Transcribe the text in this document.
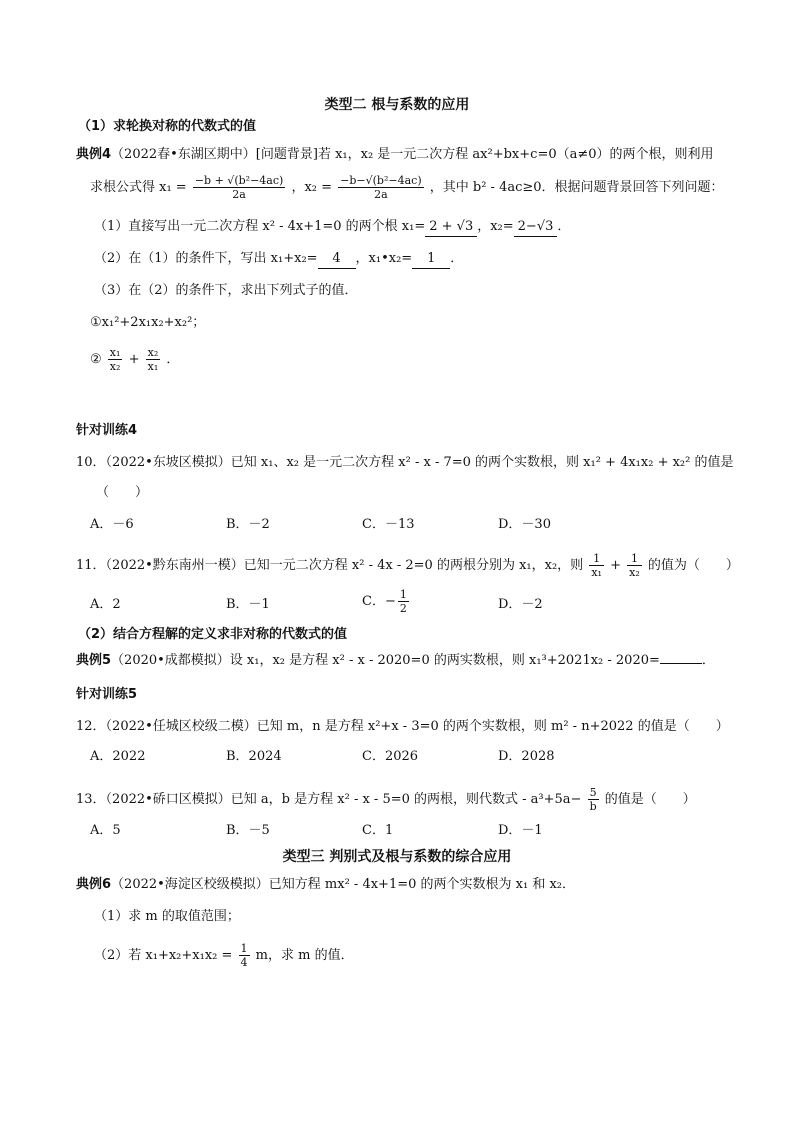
类型二 根与系数的应用
（1）求轮换对称的代数式的值
典例4（2022春•东湖区期中）[问题背景]若 x₁，x₂ 是一元二次方程 ax²+bx+c=0（a≠0）的两个根，则利用
求根公式得 $x_1 = \frac{\text{−b + √(b²−4ac)}}{2a}$ ，$x_2 = \frac{\text{−b−√(b²−4ac)}}{2a}$ ，其中 b² - 4ac≥0．根据问题背景回答下列问题：
（1）直接写出一元二次方程 x² - 4x+1=0 的两个根 x₁= 2 + √3 ，x₂= 2−√3 ．
（2）在（1）的条件下，写出 x₁+x₂= 4 ，x₁•x₂= 1 ．
（3）在（2）的条件下，求出下列式子的值．
①x₁²+2x₁x₂+x₂²；
② $\frac{\text{x₁}}{\text{x₂}} + \frac{\text{x₂}}{\text{x₁}}$ ．
针对训练4
10．（2022•东坡区模拟）已知 x₁、x₂ 是一元二次方程 x² - x - 7=0 的两个实数根，则 x₁² + 4x₁x₂ + x₂² 的值是
（　　）
A．－6	B．－2	C．－13	D．－30
11．（2022•黔东南州一模）已知一元二次方程 x² - 4x - 2=0 的两根分别为 x₁，x₂，则 $\frac{1}{\text{x₁}} + \frac{1}{\text{x₂}}$ 的值为（　　）
A．2	B．－1	C．− $\frac{1}{2}$	D．－2
（2）结合方程解的定义求非对称的代数式的值
典例5（2020•成都模拟）设 x₁，x₂ 是方程 x² - x - 2020=0 的两实数根，则 x₁³+2021x₂ - 2020=	．
针对训练5
12．（2022•任城区校级二模）已知 m，n 是方程 x²+x - 3=0 的两个实数根，则 m² - n+2022 的值是（　　）
A．2022	B．2024	C．2026	D．2028
13．（2022•硚口区模拟）已知 a，b 是方程 x² - x - 5=0 的两根，则代数式 - $a^3+5a- \frac{5}{b}$ 的值是（　　）
A．5	B．－5	C．1	D．－1
类型三 判别式及根与系数的综合应用
典例6（2022•海淀区校级模拟）已知方程 mx² - 4x+1=0 的两个实数根为 x₁ 和 x₂．
（1）求 m 的取值范围；
（2）若 $x_1+x_2+x_1x_2 = \frac{1}{4}$ m，求 m 的值．
